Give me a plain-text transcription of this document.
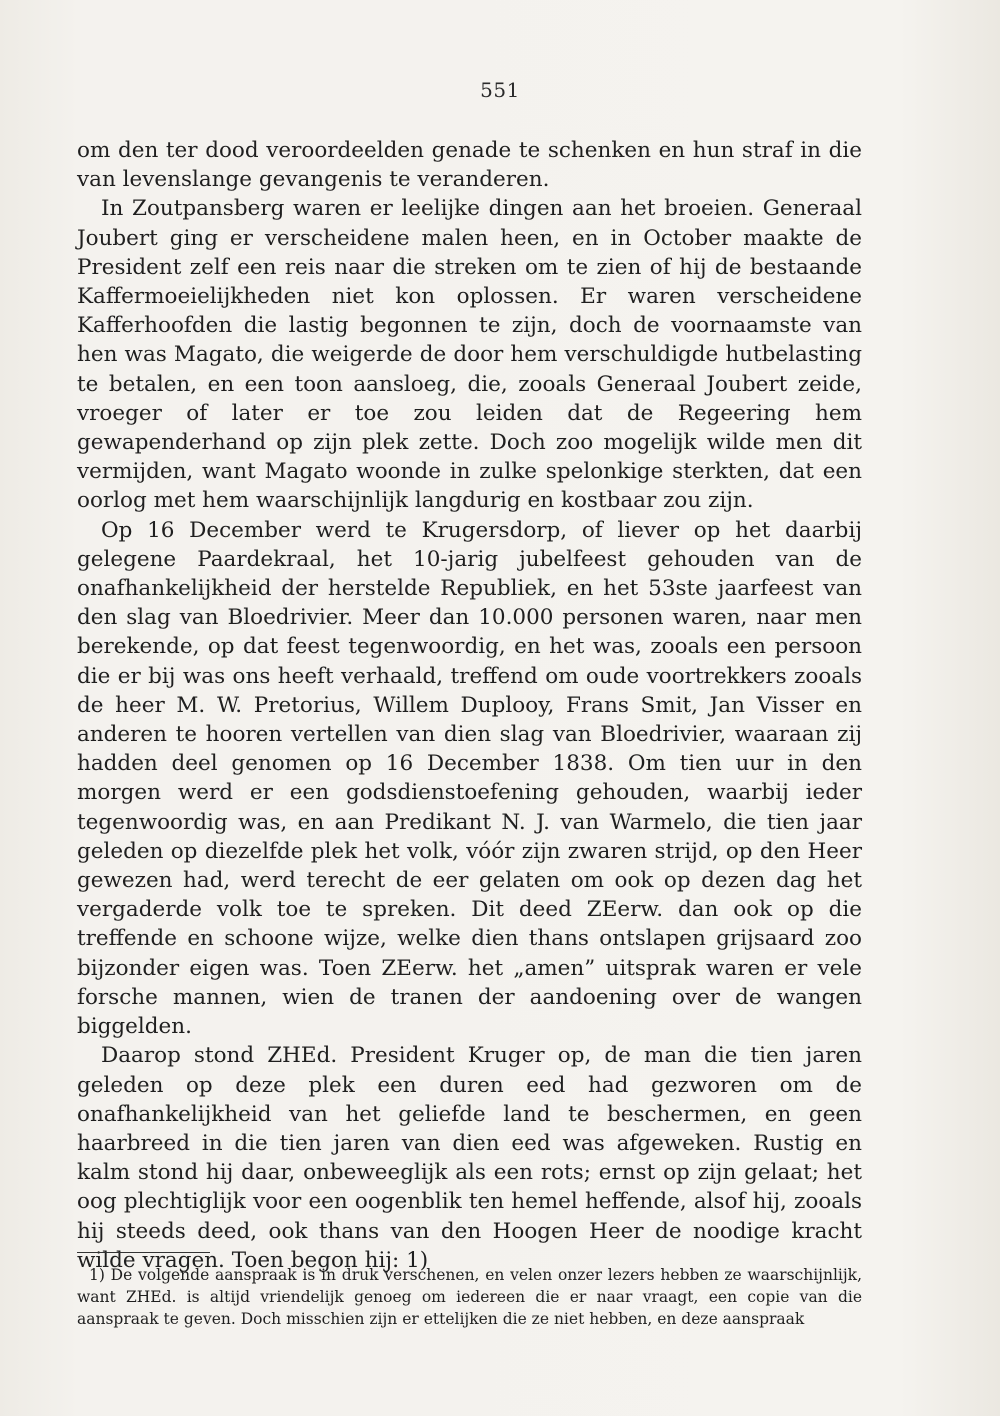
551

om den ter dood veroordeelden genade te schenken en hun straf in die van levenslange gevangenis te veranderen.

In Zoutpansberg waren er leelijke dingen aan het broeien. Generaal Joubert ging er verscheidene malen heen, en in October maakte de President zelf een reis naar die streken om te zien of hij de bestaande Kaffermoeielijkheden niet kon oplossen. Er waren verscheidene Kafferhoofden die lastig begonnen te zijn, doch de voornaamste van hen was Magato, die weigerde de door hem verschuldigde hutbelasting te betalen, en een toon aansloeg, die, zooals Generaal Joubert zeide, vroeger of later er toe zou leiden dat de Regeering hem gewapenderhand op zijn plek zette. Doch zoo mogelijk wilde men dit vermijden, want Magato woonde in zulke spelonkige sterkten, dat een oorlog met hem waarschijnlijk langdurig en kostbaar zou zijn.

Op 16 December werd te Krugersdorp, of liever op het daarbij gelegene Paardekraal, het 10-jarig jubelfeest gehouden van de onafhankelijkheid der herstelde Republiek, en het 53ste jaarfeest van den slag van Bloedrivier. Meer dan 10.000 personen waren, naar men berekende, op dat feest tegenwoordig, en het was, zooals een persoon die er bij was ons heeft verhaald, treffend om oude voortrekkers zooals de heer M. W. Pretorius, Willem Duplooy, Frans Smit, Jan Visser en anderen te hooren vertellen van dien slag van Bloedrivier, waaraan zij hadden deel genomen op 16 December 1838. Om tien uur in den morgen werd er een godsdienstoefening gehouden, waarbij ieder tegenwoordig was, en aan Predikant N. J. van Warmelo, die tien jaar geleden op diezelfde plek het volk, vóór zijn zwaren strijd, op den Heer gewezen had, werd terecht de eer gelaten om ook op dezen dag het vergaderde volk toe te spreken. Dit deed ZEerw. dan ook op die treffende en schoone wijze, welke dien thans ontslapen grijsaard zoo bijzonder eigen was. Toen ZEerw. het „amen” uitsprak waren er vele forsche mannen, wien de tranen der aandoening over de wangen biggelden.

Daarop stond ZHEd. President Kruger op, de man die tien jaren geleden op deze plek een duren eed had gezworen om de onafhankelijkheid van het geliefde land te beschermen, en geen haarbreed in die tien jaren van dien eed was afgeweken. Rustig en kalm stond hij daar, onbeweeglijk als een rots; ernst op zijn gelaat; het oog plechtiglijk voor een oogenblik ten hemel heffende, alsof hij, zooals hij steeds deed, ook thans van den Hoogen Heer de noodige kracht wilde vragen. Toen begon hij: 1)

1) De volgende aanspraak is in druk verschenen, en velen onzer lezers hebben ze waarschijnlijk, want ZHEd. is altijd vriendelijk genoeg om iedereen die er naar vraagt, een copie van die aanspraak te geven. Doch misschien zijn er ettelijken die ze niet hebben, en deze aanspraak
